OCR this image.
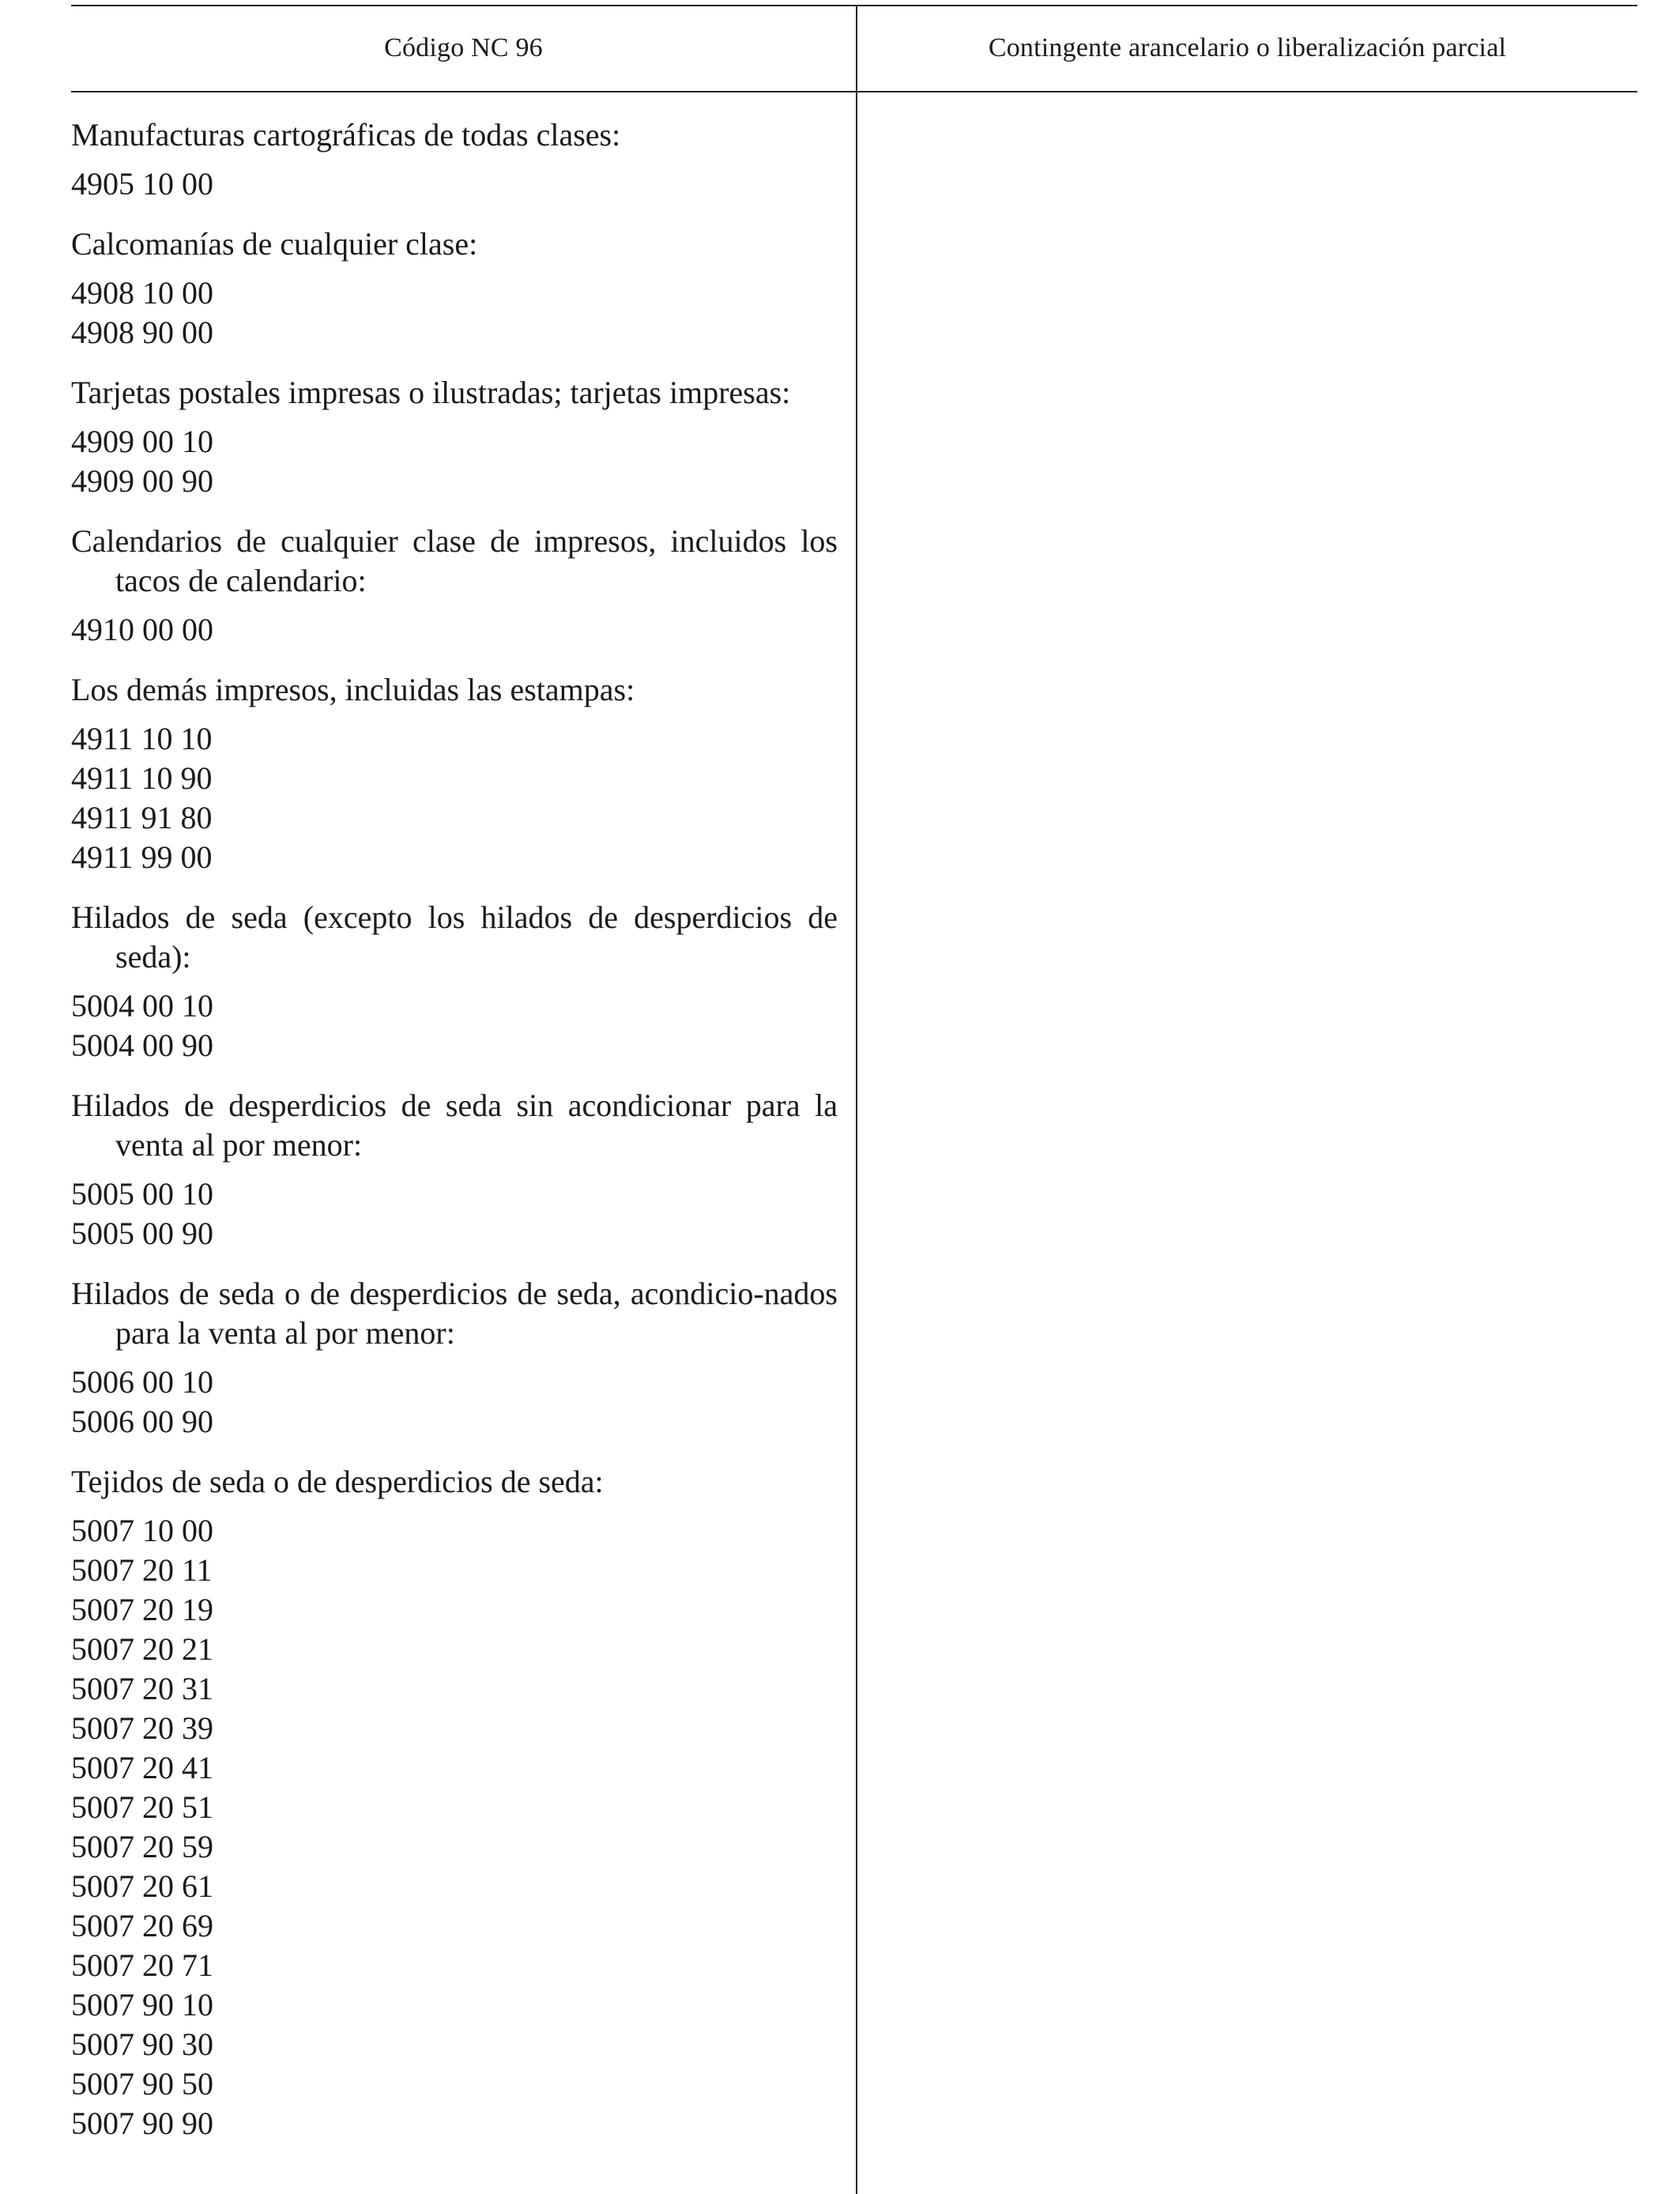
Código NC 96	Contingente arancelario o liberalización parcial
Manufacturas cartográficas de todas clases:
4905 10 00
Calcomanías de cualquier clase:
4908 10 00
4908 90 00
Tarjetas postales impresas o ilustradas; tarjetas impresas:
4909 00 10
4909 00 90
Calendarios de cualquier clase de impresos, incluidos los tacos de calendario:
4910 00 00
Los demás impresos, incluidas las estampas:
4911 10 10
4911 10 90
4911 91 80
4911 99 00
Hilados de seda (excepto los hilados de desperdicios de seda):
5004 00 10
5004 00 90
Hilados de desperdicios de seda sin acondicionar para la venta al por menor:
5005 00 10
5005 00 90
Hilados de seda o de desperdicios de seda, acondicio-nados para la venta al por menor:
5006 00 10
5006 00 90
Tejidos de seda o de desperdicios de seda:
5007 10 00
5007 20 11
5007 20 19
5007 20 21
5007 20 31
5007 20 39
5007 20 41
5007 20 51
5007 20 59
5007 20 61
5007 20 69
5007 20 71
5007 90 10
5007 90 30
5007 90 50
5007 90 90
